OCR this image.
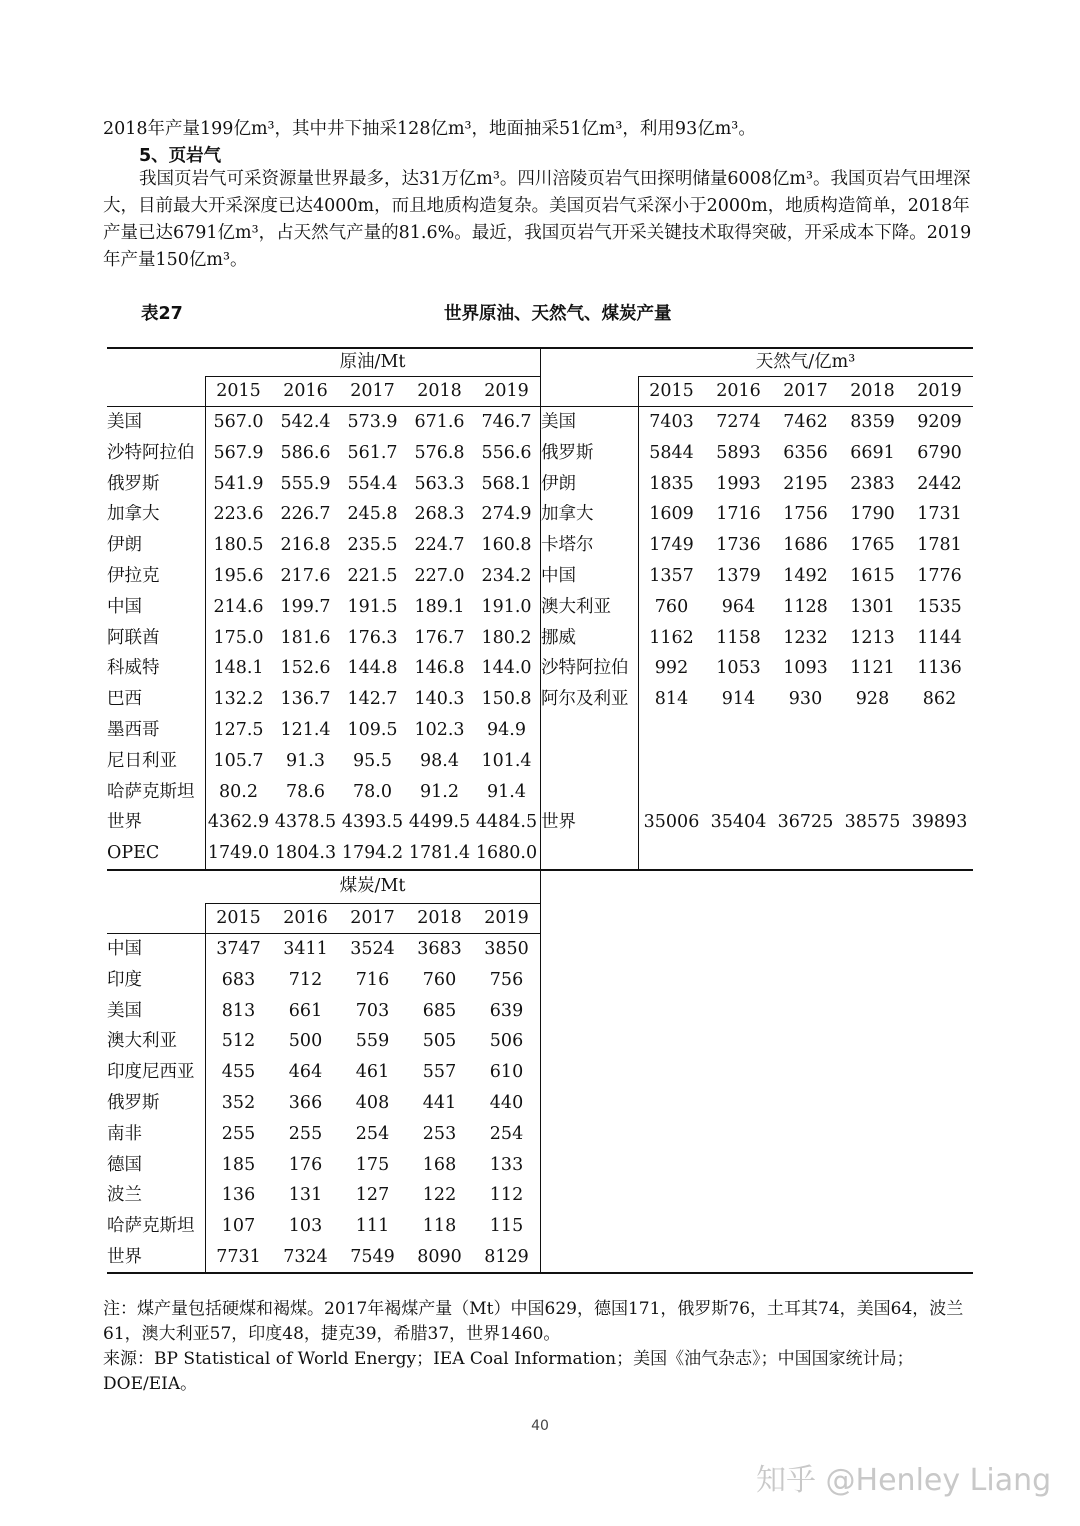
2018年产量199亿m³，其中井下抽采128亿m³，地面抽采51亿m³，利用93亿m³。

5、页岩气

我国页岩气可采资源量世界最多，达31万亿m³。四川涪陵页岩气田探明储量6008亿m³。我国页岩气田埋深大，目前最大开采深度已达4000m，而且地质构造复杂。美国页岩气采深小于2000m，地质构造简单，2018年产量已达6791亿m³，占天然气产量的81.6%。最近，我国页岩气开采关键技术取得突破，开采成本下降。2019年产量150亿m³。

表27	世界原油、天然气、煤炭产量
原油/Mt	天然气/亿m³
煤炭/Mt
2015	2016	2017	2018	2019	2015	2016	2017	2018	2019
2015	2016	2017	2018	2019
美国	567.0 542.4 573.9 671.6 746.7
沙特阿拉伯	567.9 586.6 561.7 576.8 556.6
俄罗斯	541.9 555.9 554.4 563.3 568.1
加拿大	223.6 226.7 245.8 268.3 274.9
伊朗	180.5 216.8 235.5 224.7 160.8
伊拉克	195.6 217.6 221.5 227.0 234.2
中国	214.6 199.7 191.5 189.1 191.0
阿联酋	175.0 181.6 176.3 176.7 180.2
科威特	148.1 152.6 144.8 146.8 144.0
巴西	132.2 136.7 142.7 140.3 150.8
墨西哥	127.5 121.4 109.5 102.3	94.9
尼日利亚	105.7	91.3	95.5	98.4	101.4
哈萨克斯坦	80.2	78.6	78.0	91.2	91.4
世界	4362.9 4378.5 4393.5 4499.5 4484.5
OPEC	1749.0 1804.3 1794.2 1781.4 1680.0
美国	7403	7274	7462	8359	9209
俄罗斯	5844	5893	6356	6691	6790
伊朗	1835	1993	2195	2383	2442
加拿大	1609	1716	1756	1790	1731
卡塔尔	1749	1736	1686	1765	1781
中国	1357	1379	1492	1615	1776
澳大利亚	760	964	1128	1301	1535
挪威	1162	1158	1232	1213	1144
沙特阿拉伯	992	1053	1093	1121	1136
阿尔及利亚	814	914	930	928	862
世界	35006 35404 36725 38575 39893
中国	3747	3411	3524	3683	3850
印度	683	712	716	760	756
美国	813	661	703	685	639
澳大利亚	512	500	559	505	506
印度尼西亚	455	464	461	557	610
俄罗斯	352	366	408	441	440
南非	255	255	254	253	254
德国	185	176	175	168	133
波兰	136	131	127	122	112
哈萨克斯坦	107	103	111	118	115
世界	7731	7324	7549	8090	8129

注：煤产量包括硬煤和褐煤。2017年褐煤产量（Mt）中国629，德国171，俄罗斯76，土耳其74，美国64，波兰61，澳大利亚57，印度48，捷克39，希腊37，世界1460。

来源：BP Statistical of World Energy；IEA Coal Information；美国《油气杂志》；中国国家统计局；DOE/EIA。

40
知乎 @Henley Liang
